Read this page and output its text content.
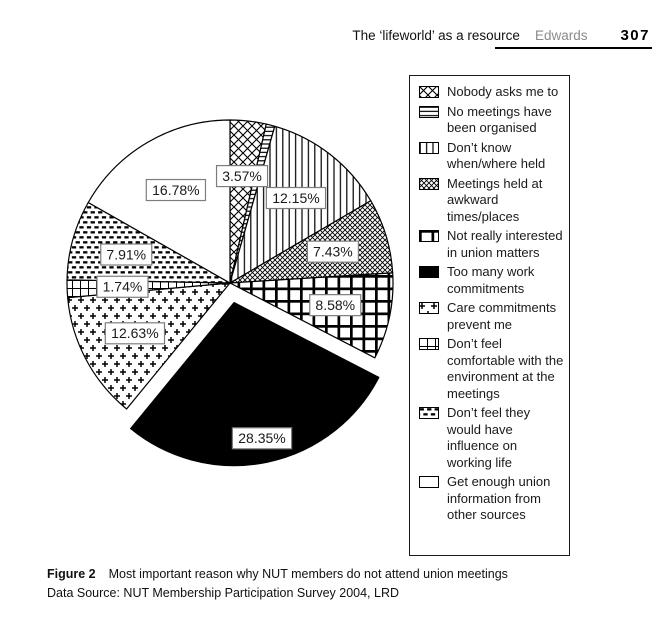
The ‘lifeworld’ as a resource Edwards 307
3.57%
12.15%
7.43%
8.58%
28.35%
12.63%
1.74%
7.91%
16.78%
Nobody asks me to
No meetings have been organised
Don’t know when/where held
Meetings held at awkward times/places
Not really interested in union matters
Too many work commitments
Care commitments prevent me
Don’t feel comfortable with the environment at the meetings
Don’t feel they would have influence on working life
Get enough union information from other sources
Figure 2 Most important reason why NUT members do not attend union meetings
Data Source: NUT Membership Participation Survey 2004, LRD
